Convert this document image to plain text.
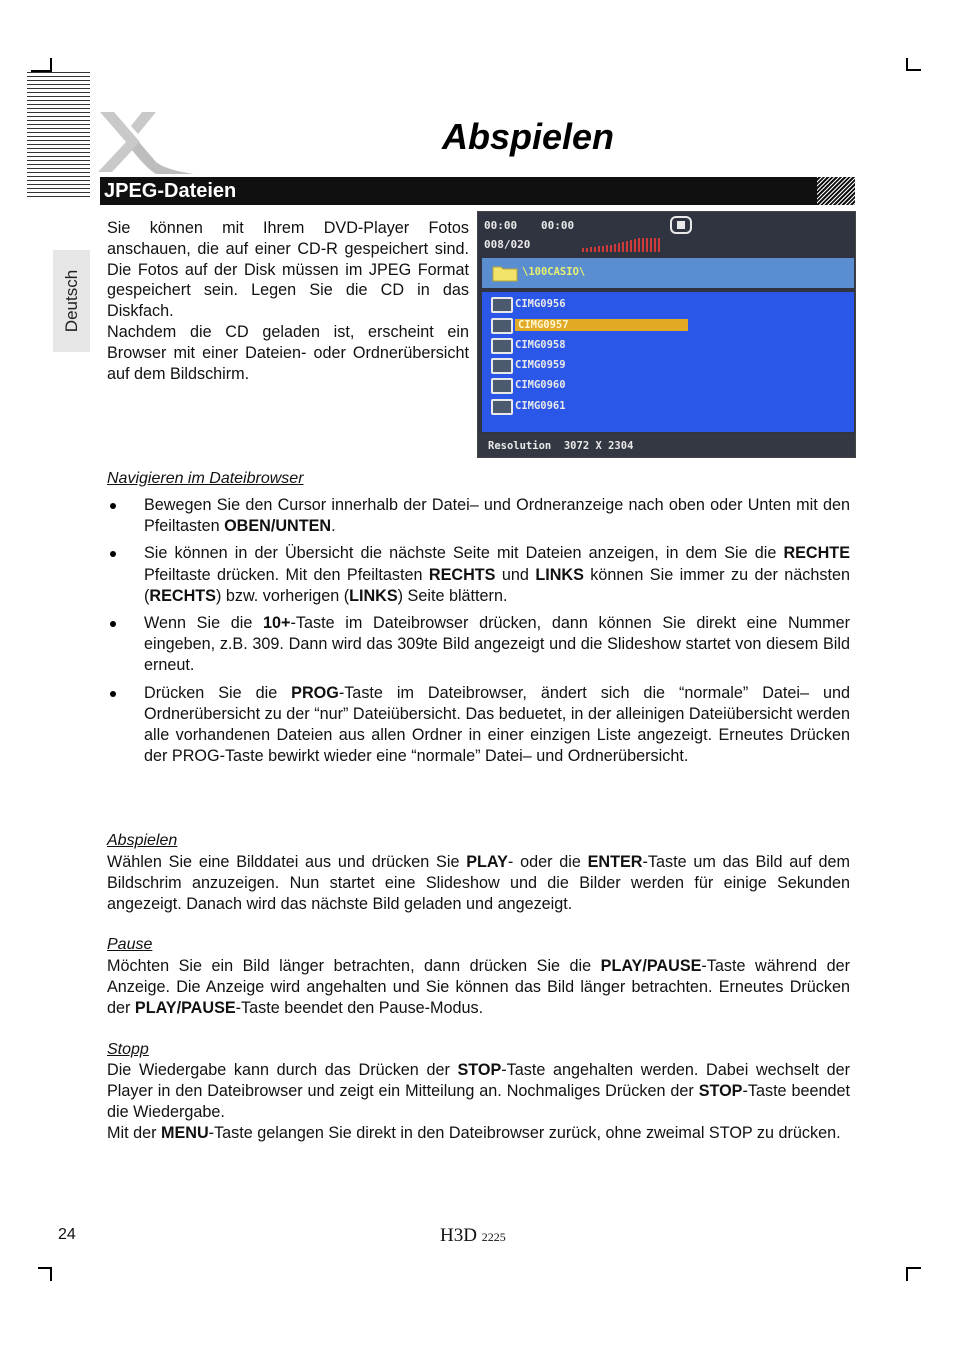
Abspielen
Deutsch
JPEG-Dateien
Sie können mit Ihrem DVD-Player Fotos anschauen, die auf einer CD-R gespeichert sind. Die Fotos auf der Disk müssen im JPEG Format gespeichert sein. Legen Sie die CD in das Diskfach.
Nachdem die CD geladen ist, erscheint ein Browser mit einer Dateien- oder Ordnerübersicht auf dem Bildschirm.
00:00 00:00
008/020
\100CASIO\
CIMG0956
CIMG0957
CIMG0958
CIMG0959
CIMG0960
CIMG0961
Resolution  3072 X 2304
Navigieren im Dateibrowser
Bewegen Sie den Cursor innerhalb der Datei– und Ordneranzeige nach oben oder Unten mit den Pfeiltasten OBEN/UNTEN.
Sie können in der Übersicht die nächste Seite mit Dateien anzeigen, in dem Sie die RECHTE Pfeiltaste drücken. Mit den Pfeiltasten RECHTS und LINKS können Sie immer zu der nächsten (RECHTS) bzw. vorherigen (LINKS) Seite blättern.
Wenn Sie die 10+-Taste im Dateibrowser drücken, dann können Sie direkt eine Nummer eingeben, z.B. 309. Dann wird das 309te Bild angezeigt und die Slideshow startet von diesem Bild erneut.
Drücken Sie die PROG-Taste im Dateibrowser, ändert sich die “normale” Datei– und Ordnerübersicht zu der “nur” Dateiübersicht. Das beduetet, in der alleinigen Dateiübersicht werden alle vorhandenen Dateien aus allen Ordner in einer einzigen Liste angezeigt. Erneutes Drücken der PROG-Taste bewirkt wieder eine “normale” Datei– und Ordnerübersicht.
Abspielen
Wählen Sie eine Bilddatei aus und drücken Sie PLAY- oder die ENTER-Taste um das Bild auf dem Bildschrim anzuzeigen. Nun startet eine Slideshow und die Bilder werden für einige Sekunden angezeigt. Danach wird das nächste Bild geladen und angezeigt.
Pause
Möchten Sie ein Bild länger betrachten, dann drücken Sie die PLAY/PAUSE-Taste während der Anzeige. Die Anzeige wird angehalten und Sie können das Bild länger betrachten. Erneutes Drücken der PLAY/PAUSE-Taste beendet den Pause-Modus.
Stopp
Die Wiedergabe kann durch das Drücken der STOP-Taste angehalten werden. Dabei wechselt der Player in den Dateibrowser und zeigt ein Mitteilung an. Nochmaliges Drücken der STOP-Taste beendet die Wiedergabe.
Mit der MENU-Taste gelangen Sie direkt in den Dateibrowser zurück, ohne zweimal STOP zu drücken.
24	H3D 2225
